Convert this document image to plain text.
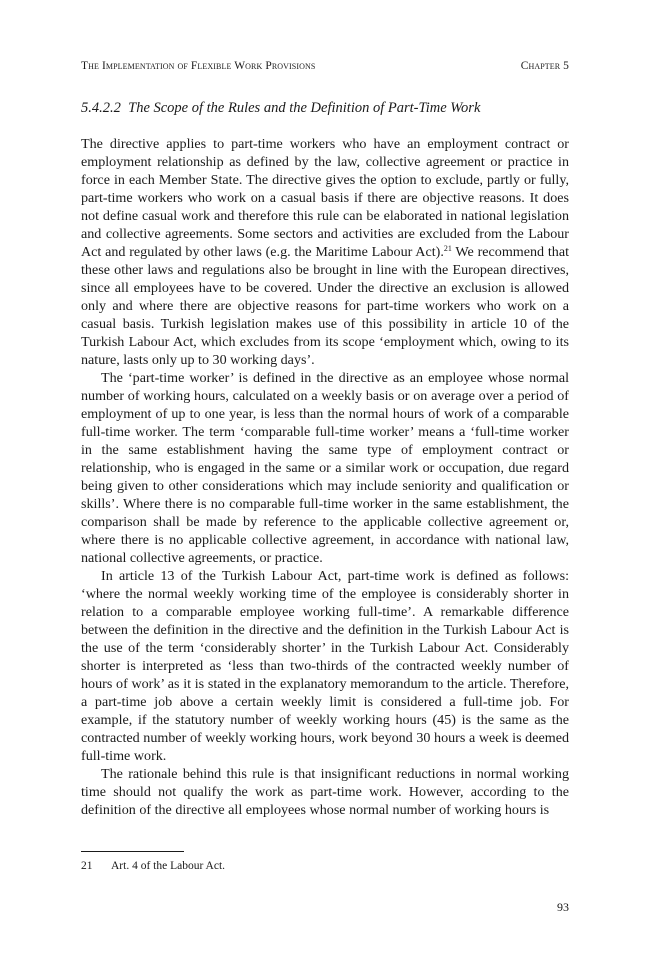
The Implementation of Flexible Work Provisions	Chapter 5
5.4.2.2 The Scope of the Rules and the Definition of Part-Time Work

The directive applies to part-time workers who have an employment contract or employment relationship as defined by the law, collective agreement or practice in force in each Member State. The directive gives the option to exclude, partly or fully, part-time workers who work on a casual basis if there are objective reasons. It does not define casual work and therefore this rule can be elaborated in national legislation and collective agreements. Some sectors and activities are excluded from the Labour Act and regulated by other laws (e.g. the Maritime Labour Act).$^{21}$ We recommend that these other laws and regulations also be brought in line with the European directives, since all employees have to be covered. Under the directive an exclusion is allowed only and where there are objective reasons for part-time workers who work on a casual basis. Turkish legislation makes use of this possibility in article 10 of the Turkish Labour Act, which excludes from its scope ‘employment which, owing to its nature, lasts only up to 30 working days’.

The ‘part-time worker’ is defined in the directive as an employee whose normal number of working hours, calculated on a weekly basis or on average over a period of employment of up to one year, is less than the normal hours of work of a comparable full-time worker. The term ‘comparable full-time worker’ means a ‘full-time worker in the same establishment having the same type of employment contract or relationship, who is engaged in the same or a similar work or occupation, due regard being given to other considerations which may include seniority and qualification or skills’. Where there is no comparable full-time worker in the same establishment, the comparison shall be made by reference to the applicable collective agreement or, where there is no applicable collective agreement, in accordance with national law, national collective agreements, or practice.

In article 13 of the Turkish Labour Act, part-time work is defined as follows: ‘where the normal weekly working time of the employee is considerably shorter in relation to a comparable employee working full-time’. A remarkable difference between the definition in the directive and the definition in the Turkish Labour Act is the use of the term ‘considerably shorter’ in the Turkish Labour Act. Considerably shorter is interpreted as ‘less than two-thirds of the contracted weekly number of hours of work’ as it is stated in the explanatory memorandum to the article. Therefore, a part-time job above a certain weekly limit is considered a full-time job. For example, if the statutory number of weekly working hours (45) is the same as the contracted number of weekly working hours, work beyond 30 hours a week is deemed full-time work.

The rationale behind this rule is that insignificant reductions in normal working time should not qualify the work as part-time work. However, according to the definition of the directive all employees whose normal number of working hours is

21	Art. 4 of the Labour Act.
93
